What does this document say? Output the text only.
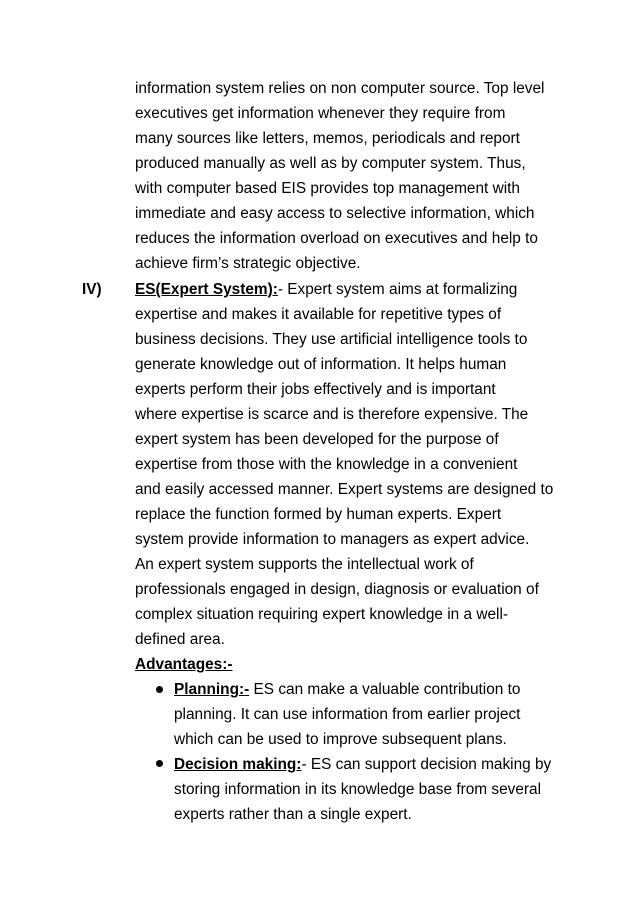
information system relies on non computer source. Top level
executives get information whenever they require from
many sources like letters, memos, periodicals and report
produced manually as well as by computer system. Thus,
with computer based EIS provides top management with
immediate and easy access to selective information, which
reduces the information overload on executives and help to
achieve firm’s strategic objective.
IV) ES(Expert System):- Expert system aims at formalizing
expertise and makes it available for repetitive types of
business decisions. They use artificial intelligence tools to
generate knowledge out of information. It helps human
experts perform their jobs effectively and is important
where expertise is scarce and is therefore expensive. The
expert system has been developed for the purpose of
expertise from those with the knowledge in a convenient
and easily accessed manner. Expert systems are designed to
replace the function formed by human experts. Expert
system provide information to managers as expert advice.
An expert system supports the intellectual work of
professionals engaged in design, diagnosis or evaluation of
complex situation requiring expert knowledge in a well-
defined area.
Advantages:-
Planning:- ES can make a valuable contribution to
planning. It can use information from earlier project
which can be used to improve subsequent plans.
Decision making:- ES can support decision making by
storing information in its knowledge base from several
experts rather than a single expert.
